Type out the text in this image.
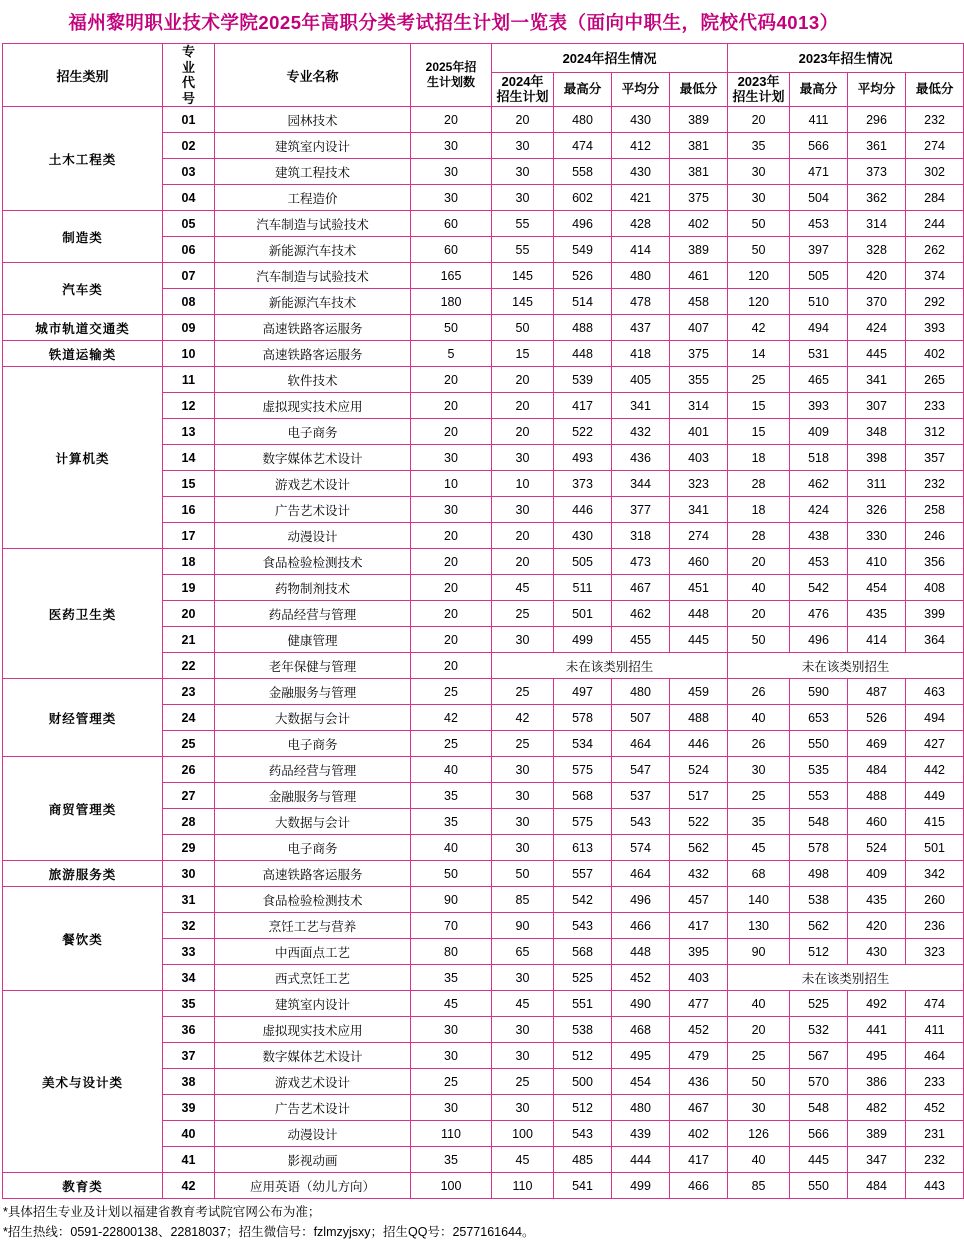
福州黎明职业技术学院2025年高职分类考试招生计划一览表（面向中职生，院校代码4013）
招生类别	专业代号	专业名称	2025年招生计划数	2024年招生情况				2023年招生情况			
				2024年招生计划	最高分	平均分	最低分	2023年招生计划	最高分	平均分	最低分
土木工程类	01	园林技术	20	20	480	430	389	20	411	296	232
	02	建筑室内设计	30	30	474	412	381	35	566	361	274
	03	建筑工程技术	30	30	558	430	381	30	471	373	302
	04	工程造价	30	30	602	421	375	30	504	362	284
制造类	05	汽车制造与试验技术	60	55	496	428	402	50	453	314	244
	06	新能源汽车技术	60	55	549	414	389	50	397	328	262
汽车类	07	汽车制造与试验技术	165	145	526	480	461	120	505	420	374
	08	新能源汽车技术	180	145	514	478	458	120	510	370	292
城市轨道交通类	09	高速铁路客运服务	50	50	488	437	407	42	494	424	393
铁道运输类	10	高速铁路客运服务	5	15	448	418	375	14	531	445	402
计算机类	11	软件技术	20	20	539	405	355	25	465	341	265
	12	虚拟现实技术应用	20	20	417	341	314	15	393	307	233
	13	电子商务	20	20	522	432	401	15	409	348	312
	14	数字媒体艺术设计	30	30	493	436	403	18	518	398	357
	15	游戏艺术设计	10	10	373	344	323	28	462	311	232
	16	广告艺术设计	30	30	446	377	341	18	424	326	258
	17	动漫设计	20	20	430	318	274	28	438	330	246
医药卫生类	18	食品检验检测技术	20	20	505	473	460	20	453	410	356
	19	药物制剂技术	20	45	511	467	451	40	542	454	408
	20	药品经营与管理	20	25	501	462	448	20	476	435	399
	21	健康管理	20	30	499	455	445	50	496	414	364
	22	老年保健与管理	20	未在该类别招生				未在该类别招生			
财经管理类	23	金融服务与管理	25	25	497	480	459	26	590	487	463
	24	大数据与会计	42	42	578	507	488	40	653	526	494
	25	电子商务	25	25	534	464	446	26	550	469	427
商贸管理类	26	药品经营与管理	40	30	575	547	524	30	535	484	442
	27	金融服务与管理	35	30	568	537	517	25	553	488	449
	28	大数据与会计	35	30	575	543	522	35	548	460	415
	29	电子商务	40	30	613	574	562	45	578	524	501
旅游服务类	30	高速铁路客运服务	50	50	557	464	432	68	498	409	342
餐饮类	31	食品检验检测技术	90	85	542	496	457	140	538	435	260
	32	烹饪工艺与营养	70	90	543	466	417	130	562	420	236
	33	中西面点工艺	80	65	568	448	395	90	512	430	323
	34	西式烹饪工艺	35	30	525	452	403	未在该类别招生			
美术与设计类	35	建筑室内设计	45	45	551	490	477	40	525	492	474
	36	虚拟现实技术应用	30	30	538	468	452	20	532	441	411
	37	数字媒体艺术设计	30	30	512	495	479	25	567	495	464
	38	游戏艺术设计	25	25	500	454	436	50	570	386	233
	39	广告艺术设计	30	30	512	480	467	30	548	482	452
	40	动漫设计	110	100	543	439	402	126	566	389	231
	41	影视动画	35	45	485	444	417	40	445	347	232
教育类	42	应用英语（幼儿方向）	100	110	541	499	466	85	550	484	443
*具体招生专业及计划以福建省教育考试院官网公布为准；
*招生热线：0591-22800138、22818037；招生微信号：fzlmzyjsxy；招生QQ号：2577161644。
